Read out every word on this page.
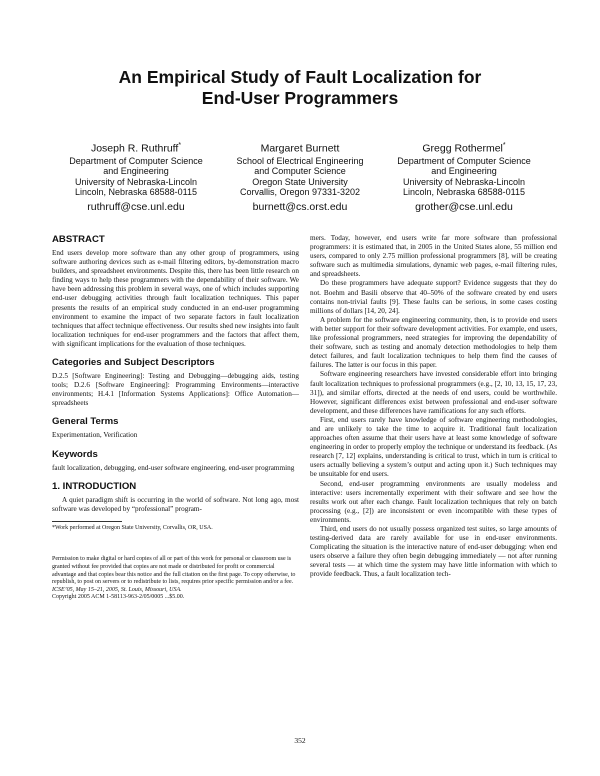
An Empirical Study of Fault Localization for
End-User Programmers
Joseph R. Ruthruff*
Department of Computer Science
and Engineering
University of Nebraska-Lincoln
Lincoln, Nebraska 68588-0115
ruthruff@cse.unl.edu
Margaret Burnett
School of Electrical Engineering
and Computer Science
Oregon State University
Corvallis, Oregon 97331-3202
burnett@cs.orst.edu
Gregg Rothermel*
Department of Computer Science
and Engineering
University of Nebraska-Lincoln
Lincoln, Nebraska 68588-0115
grother@cse.unl.edu
ABSTRACT

End users develop more software than any other group of programmers, using software authoring devices such as e-mail filtering editors, by-demonstration macro builders, and spreadsheet environments. Despite this, there has been little research on finding ways to help these programmers with the dependability of their software. We have been addressing this problem in several ways, one of which includes supporting end-user debugging activities through fault localization techniques. This paper presents the results of an empirical study conducted in an end-user programming environment to examine the impact of two separate factors in fault localization techniques that affect technique effectiveness. Our results shed new insights into fault localization techniques for end-user programmers and the factors that affect them, with significant implications for the evaluation of those techniques.

Categories and Subject Descriptors

D.2.5 [Software Engineering]: Testing and Debugging—debugging aids, testing tools; D.2.6 [Software Engineering]: Programming Environments—interactive environments; H.4.1 [Information Systems Applications]: Office Automation—spreadsheets

General Terms

Experimentation, Verification

Keywords

fault localization, debugging, end-user software engineering, end-user programming

1. INTRODUCTION

A quiet paradigm shift is occurring in the world of software. Not long ago, most software was developed by “professional” program-

*Work performed at Oregon State University, Corvallis, OR, USA.

Permission to make digital or hard copies of all or part of this work for personal or classroom use is granted without fee provided that copies are not made or distributed for profit or commercial advantage and that copies bear this notice and the full citation on the first page. To copy otherwise, to republish, to post on servers or to redistribute to lists, requires prior specific permission and/or a fee.

ICSE’05, May 15–21, 2005, St. Louis, Missouri, USA.

Copyright 2005 ACM 1-58113-963-2/05/0005 ...$5.00.

mers. Today, however, end users write far more software than professional programmers: it is estimated that, in 2005 in the United States alone, 55 million end users, compared to only 2.75 million professional programmers [8], will be creating software such as multimedia simulations, dynamic web pages, e-mail filtering rules, and spreadsheets.

Do these programmers have adequate support? Evidence suggests that they do not. Boehm and Basili observe that 40–50% of the software created by end users contains non-trivial faults [9]. These faults can be serious, in some cases costing millions of dollars [14, 20, 24].

A problem for the software engineering community, then, is to provide end users with better support for their software development activities. For example, end users, like professional programmers, need strategies for improving the dependability of their software, such as testing and anomaly detection methodologies to help them detect failures, and fault localization techniques to help them find the causes of failures. The latter is our focus in this paper.

Software engineering researchers have invested considerable effort into bringing fault localization techniques to professional programmers (e.g., [2, 10, 13, 15, 17, 23, 31]), and similar efforts, directed at the needs of end users, could be worthwhile. However, significant differences exist between professional and end-user software development, and these differences have ramifications for any such efforts.

First, end users rarely have knowledge of software engineering methodologies, and are unlikely to take the time to acquire it. Traditional fault localization approaches often assume that their users have at least some knowledge of software engineering in order to properly employ the technique or understand its feedback. (As research [7, 12] explains, understanding is critical to trust, which in turn is critical to users actually believing a system’s output and acting upon it.) Such techniques may be unsuitable for end users.

Second, end-user programming environments are usually modeless and interactive: users incrementally experiment with their software and see how the results work out after each change. Fault localization techniques that rely on batch processing (e.g., [2]) are inconsistent or even incompatible with these types of environments.

Third, end users do not usually possess organized test suites, so large amounts of testing-derived data are rarely available for use in end-user environments. Complicating the situation is the interactive nature of end-user debugging: when end users observe a failure they often begin debugging immediately — not after running several tests — at which time the system may have little information with which to provide feedback. Thus, a fault localization tech-

352
